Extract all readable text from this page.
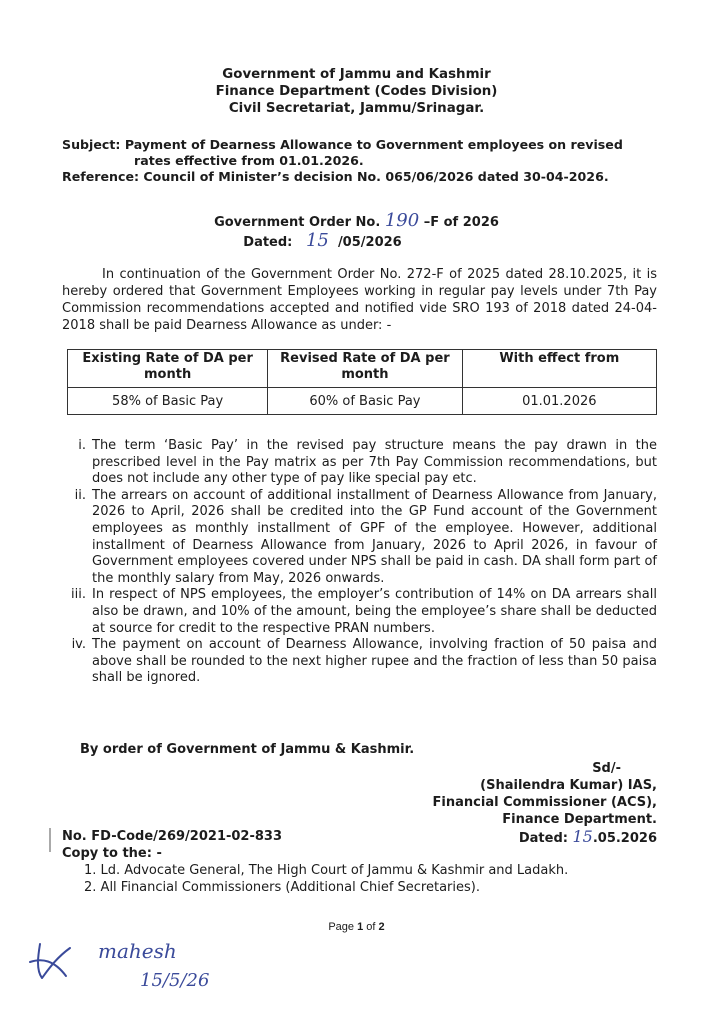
Government of Jammu and Kashmir
Finance Department (Codes Division)
Civil Secretariat, Jammu/Srinagar.
Subject: Payment of Dearness Allowance to Government employees on revised
rates effective from 01.01.2026.
Reference: Council of Minister’s decision No. 065/06/2026 dated 30-04-2026.
Government Order No. 190 –F of 2026
Dated: 15 /05/2026
In continuation of the Government Order No. 272-F of 2025 dated 28.10.2025, it is hereby ordered that Government Employees working in regular pay levels under 7th Pay Commission recommendations accepted and notified vide SRO 193 of 2018 dated 24-04-2018 shall be paid Dearness Allowance as under: -
Existing Rate of DA per month	Revised Rate of DA per month	With effect from
58% of Basic Pay	60% of Basic Pay	01.01.2026
i. The term ‘Basic Pay’ in the revised pay structure means the pay drawn in the prescribed level in the Pay matrix as per 7th Pay Commission recommendations, but does not include any other type of pay like special pay etc.
ii. The arrears on account of additional installment of Dearness Allowance from January, 2026 to April, 2026 shall be credited into the GP Fund account of the Government employees as monthly installment of GPF of the employee. However, additional installment of Dearness Allowance from January, 2026 to April 2026, in favour of Government employees covered under NPS shall be paid in cash. DA shall form part of the monthly salary from May, 2026 onwards.
iii. In respect of NPS employees, the employer’s contribution of 14% on DA arrears shall also be drawn, and 10% of the amount, being the employee’s share shall be deducted at source for credit to the respective PRAN numbers.
iv. The payment on account of Dearness Allowance, involving fraction of 50 paisa and above shall be rounded to the next higher rupee and the fraction of less than 50 paisa shall be ignored.
By order of Government of Jammu & Kashmir.
Sd/-
(Shailendra Kumar) IAS,
Financial Commissioner (ACS),
Finance Department.
Dated: 15.05.2026
No. FD-Code/269/2021-02-833
Copy to the: -
1. Ld. Advocate General, The High Court of Jammu & Kashmir and Ladakh.
2. All Financial Commissioners (Additional Chief Secretaries).
Page 1 of 2
mahesh
15/5/26
